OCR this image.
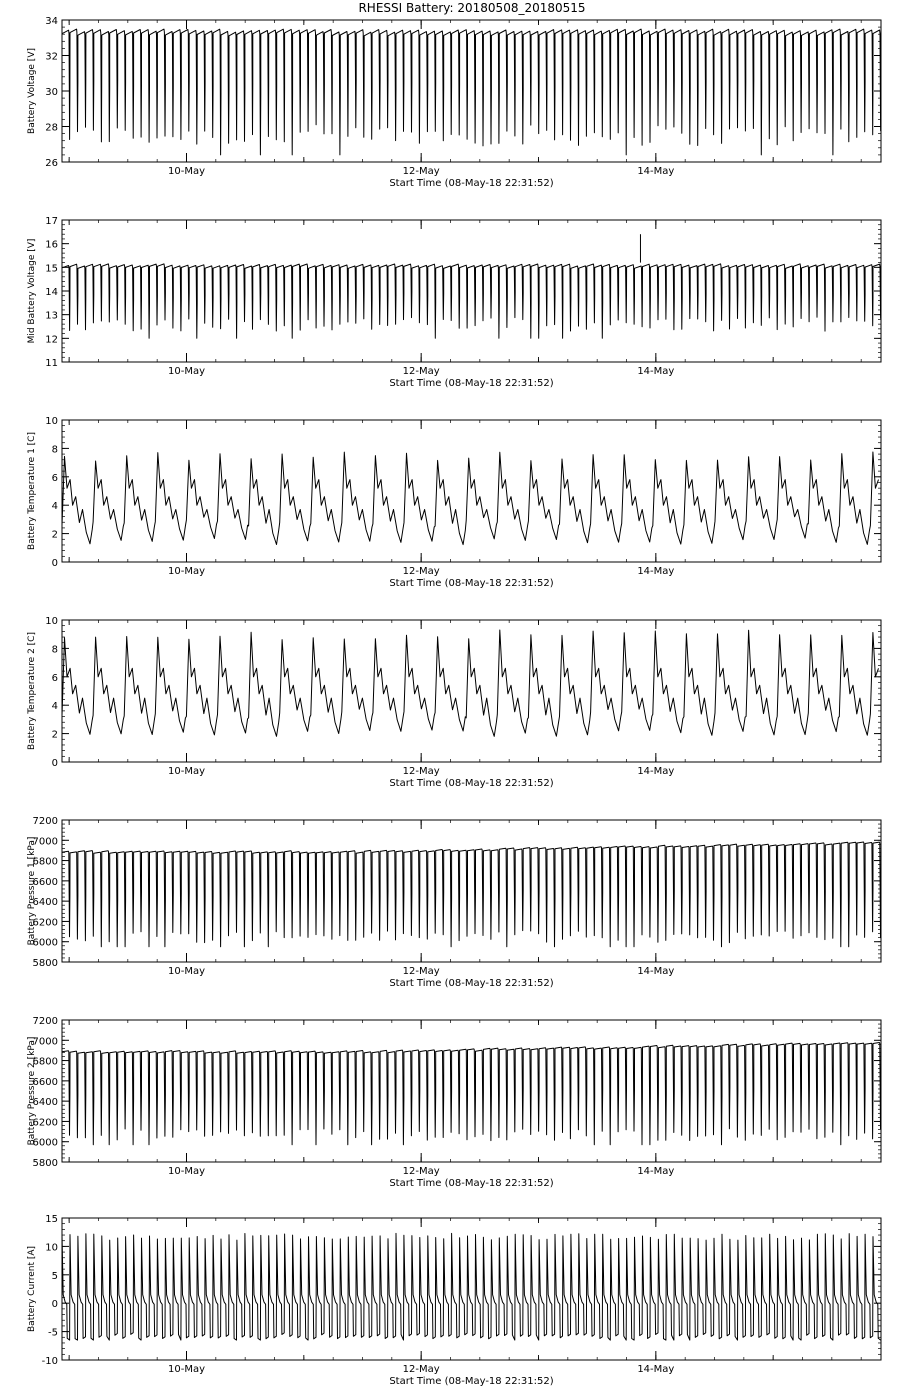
RHESSI Battery: 20180508_20180515
26
28
30
32
34
10-May	12-May	14-May
Start Time (08-May-18 22:31:52)
Battery Voltage [V]
11
12
13
14
15
16
17
10-May	12-May	14-May
Start Time (08-May-18 22:31:52)
Mid Battery Voltage [V]
0
2
4
6
8
10
10-May	12-May	14-May
Start Time (08-May-18 22:31:52)
Battery Temperature 1 [C]
0
2
4
6
8
10
10-May	12-May	14-May
Start Time (08-May-18 22:31:52)
Battery Temperature 2 [C]
5800
6000
6200
6400
6600
6800
7000
7200
10-May	12-May	14-May
Start Time (08-May-18 22:31:52)
Battery Pressure 1 [kPa]
5800
6000
6200
6400
6600
6800
7000
7200
10-May	12-May	14-May
Start Time (08-May-18 22:31:52)
Battery Pressure 2 [kPa]
-10
-5
0
5
10
15
10-May	12-May	14-May
Start Time (08-May-18 22:31:52)
Battery Current [A]
